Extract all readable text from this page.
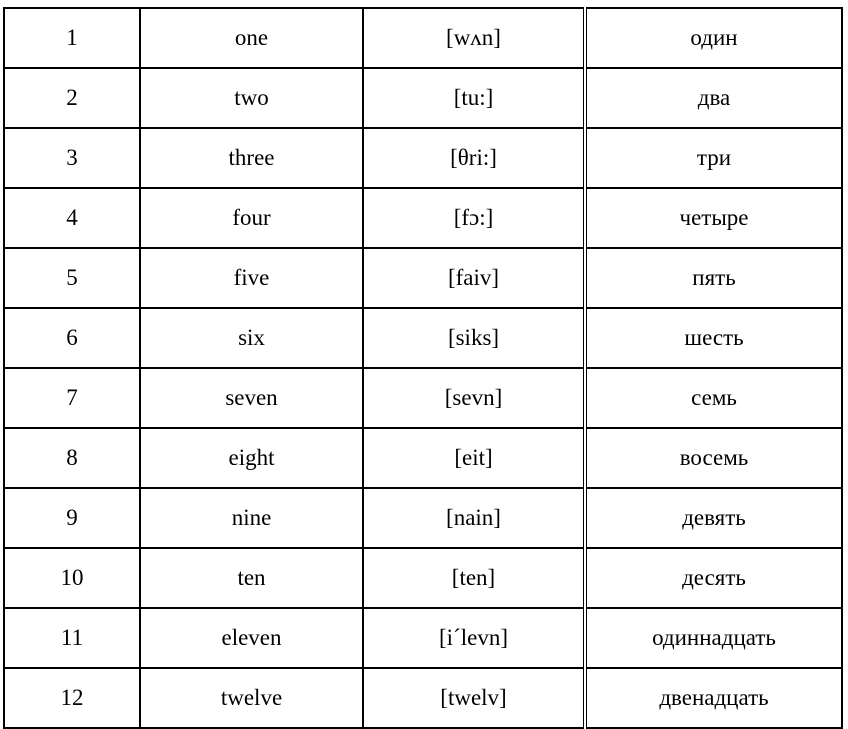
1	one	[wʌn]	один
2	two	[tu:]	два
3	three	[θri:]	три
4	four	[fɔ:]	четыре
5	five	[faiv]	пять
6	six	[siks]	шесть
7	seven	[sevn]	семь
8	eight	[eit]	восемь
9	nine	[nain]	девять
10	ten	[ten]	десять
11	eleven	[iˊlevn]	одиннадцать
12	twelve	[twelv]	двенадцать
